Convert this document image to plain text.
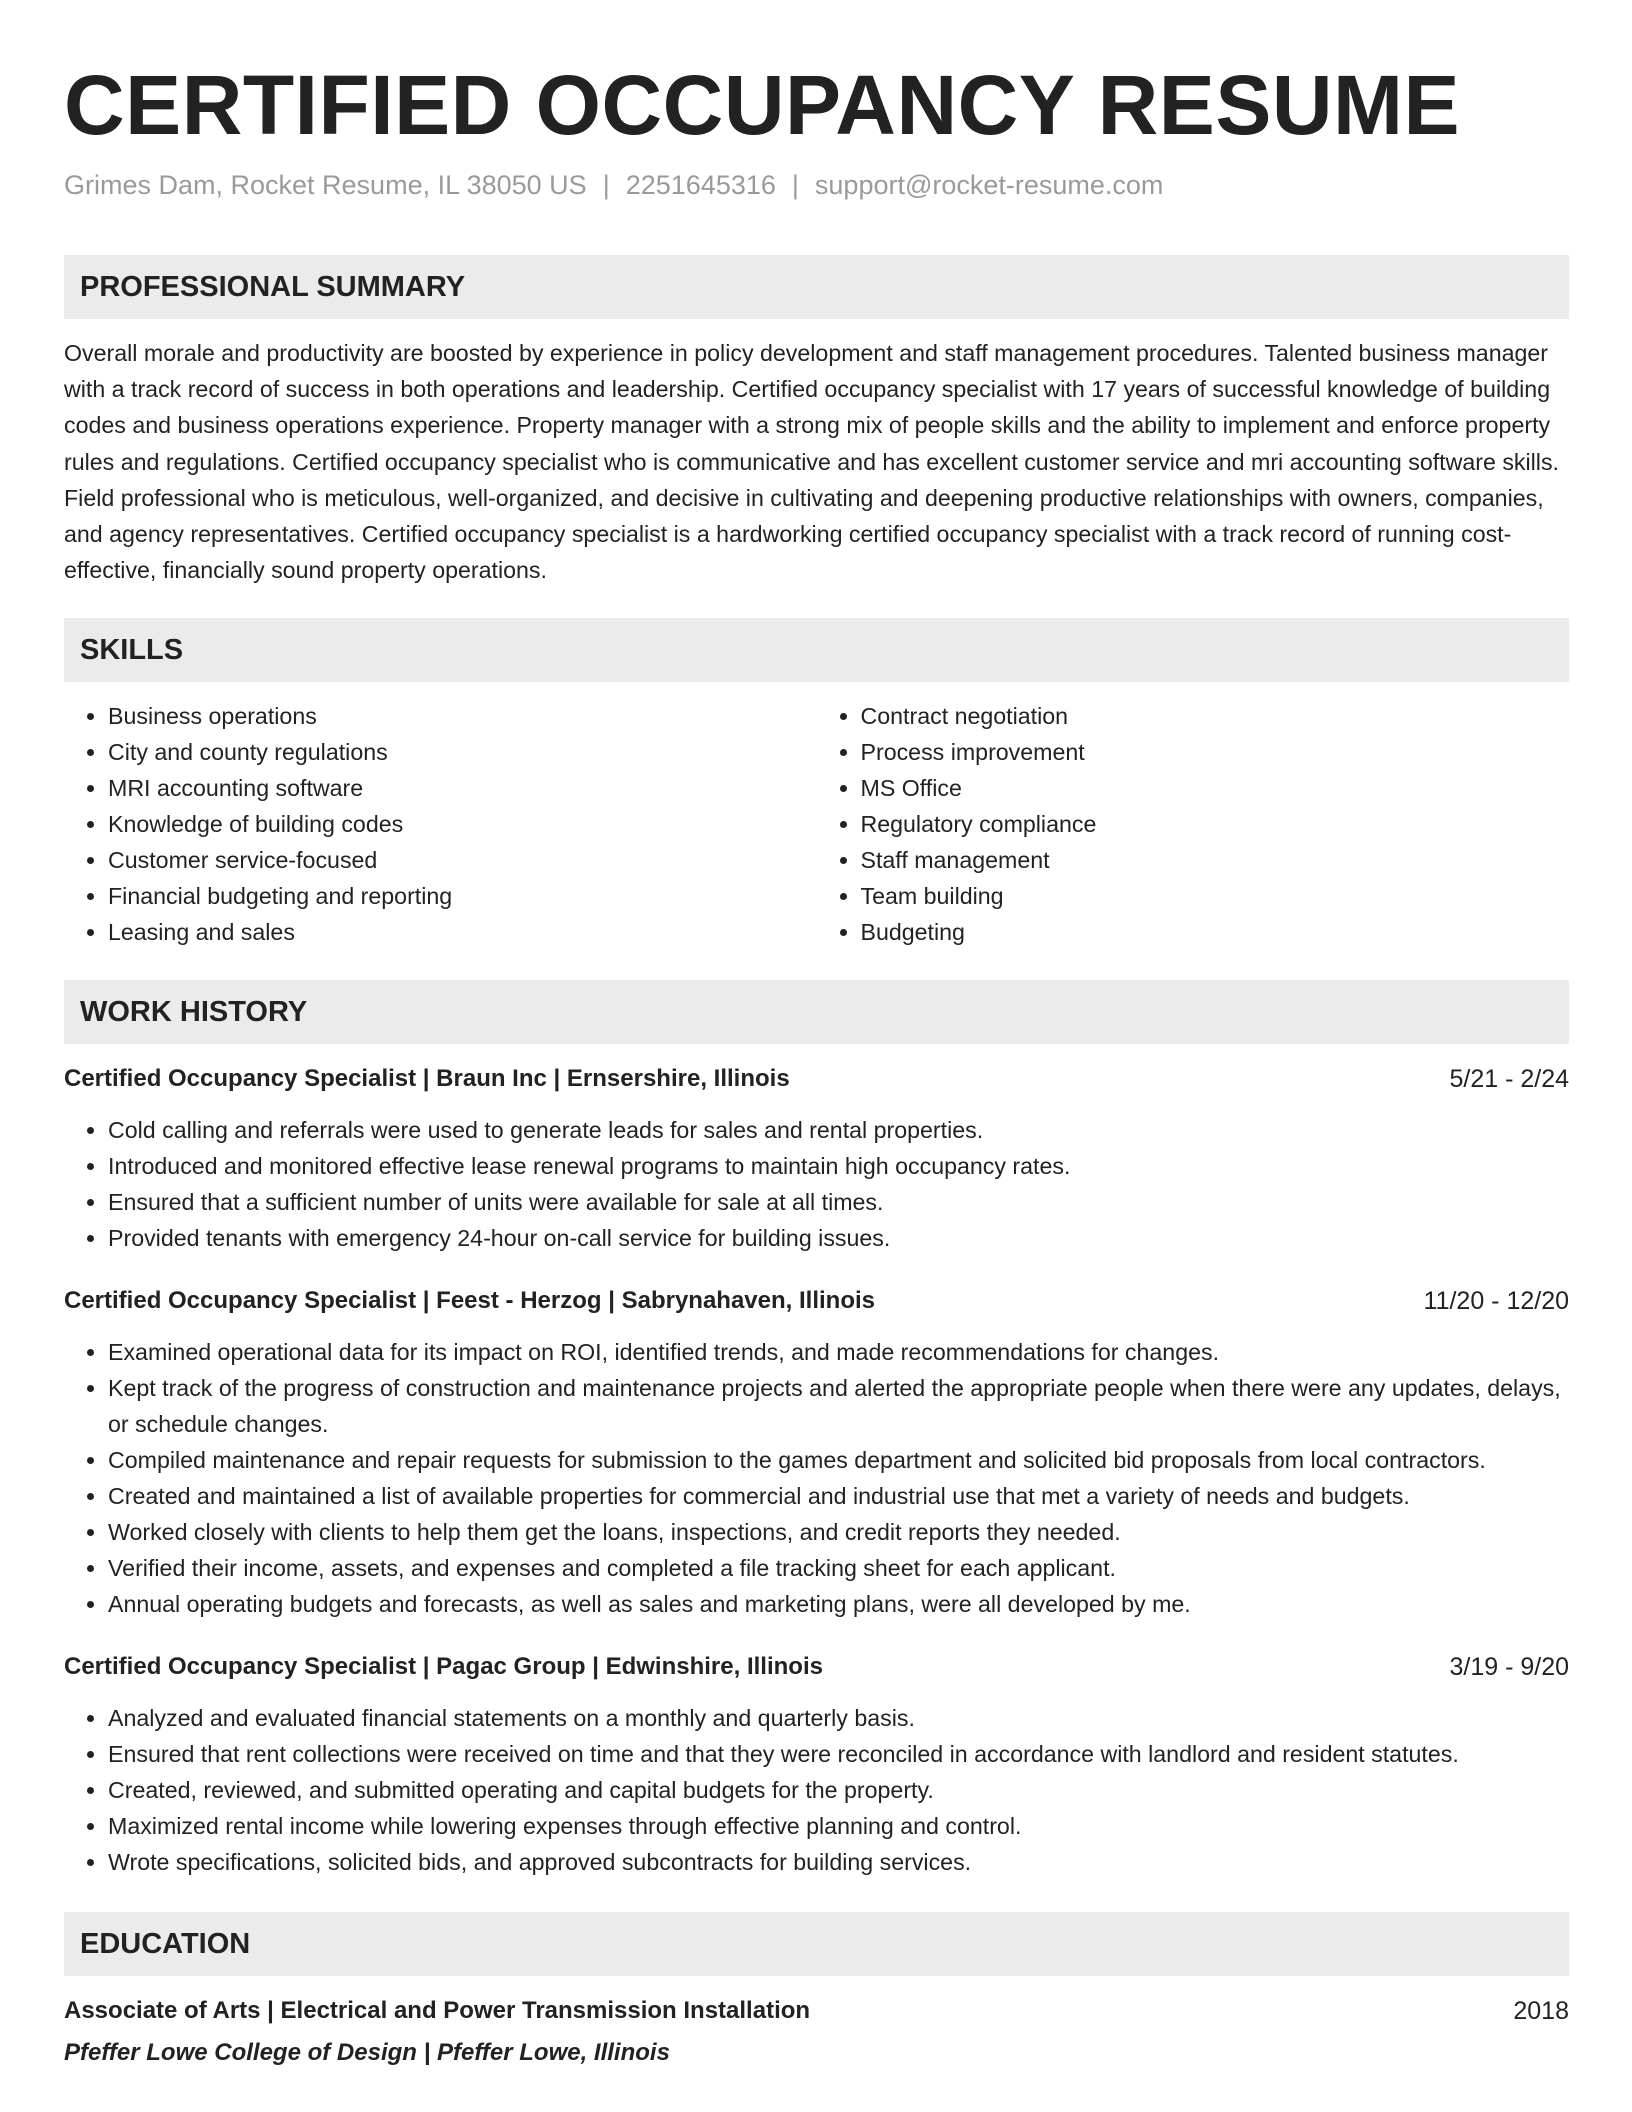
CERTIFIED OCCUPANCY RESUME
Grimes Dam, Rocket Resume, IL 38050 US | 2251645316 | support@rocket-resume.com
PROFESSIONAL SUMMARY
Overall morale and productivity are boosted by experience in policy development and staff management procedures. Talented business manager with a track record of success in both operations and leadership. Certified occupancy specialist with 17 years of successful knowledge of building codes and business operations experience. Property manager with a strong mix of people skills and the ability to implement and enforce property rules and regulations. Certified occupancy specialist who is communicative and has excellent customer service and mri accounting software skills. Field professional who is meticulous, well-organized, and decisive in cultivating and deepening productive relationships with owners, companies, and agency representatives. Certified occupancy specialist is a hardworking certified occupancy specialist with a track record of running cost-effective, financially sound property operations.
SKILLS
• Business operations
• City and county regulations
• MRI accounting software
• Knowledge of building codes
• Customer service-focused
• Financial budgeting and reporting
• Leasing and sales
• Contract negotiation
• Process improvement
• MS Office
• Regulatory compliance
• Staff management
• Team building
• Budgeting
WORK HISTORY
Certified Occupancy Specialist | Braun Inc | Ernsershire, Illinois	5/21 - 2/24
• Cold calling and referrals were used to generate leads for sales and rental properties.
• Introduced and monitored effective lease renewal programs to maintain high occupancy rates.
• Ensured that a sufficient number of units were available for sale at all times.
• Provided tenants with emergency 24-hour on-call service for building issues.
Certified Occupancy Specialist | Feest - Herzog | Sabrynahaven, Illinois	11/20 - 12/20
• Examined operational data for its impact on ROI, identified trends, and made recommendations for changes.
• Kept track of the progress of construction and maintenance projects and alerted the appropriate people when there were any updates, delays, or schedule changes.
• Compiled maintenance and repair requests for submission to the games department and solicited bid proposals from local contractors.
• Created and maintained a list of available properties for commercial and industrial use that met a variety of needs and budgets.
• Worked closely with clients to help them get the loans, inspections, and credit reports they needed.
• Verified their income, assets, and expenses and completed a file tracking sheet for each applicant.
• Annual operating budgets and forecasts, as well as sales and marketing plans, were all developed by me.
Certified Occupancy Specialist | Pagac Group | Edwinshire, Illinois	3/19 - 9/20
• Analyzed and evaluated financial statements on a monthly and quarterly basis.
• Ensured that rent collections were received on time and that they were reconciled in accordance with landlord and resident statutes.
• Created, reviewed, and submitted operating and capital budgets for the property.
• Maximized rental income while lowering expenses through effective planning and control.
• Wrote specifications, solicited bids, and approved subcontracts for building services.
EDUCATION
Associate of Arts | Electrical and Power Transmission Installation	2018
Pfeffer Lowe College of Design | Pfeffer Lowe, Illinois
